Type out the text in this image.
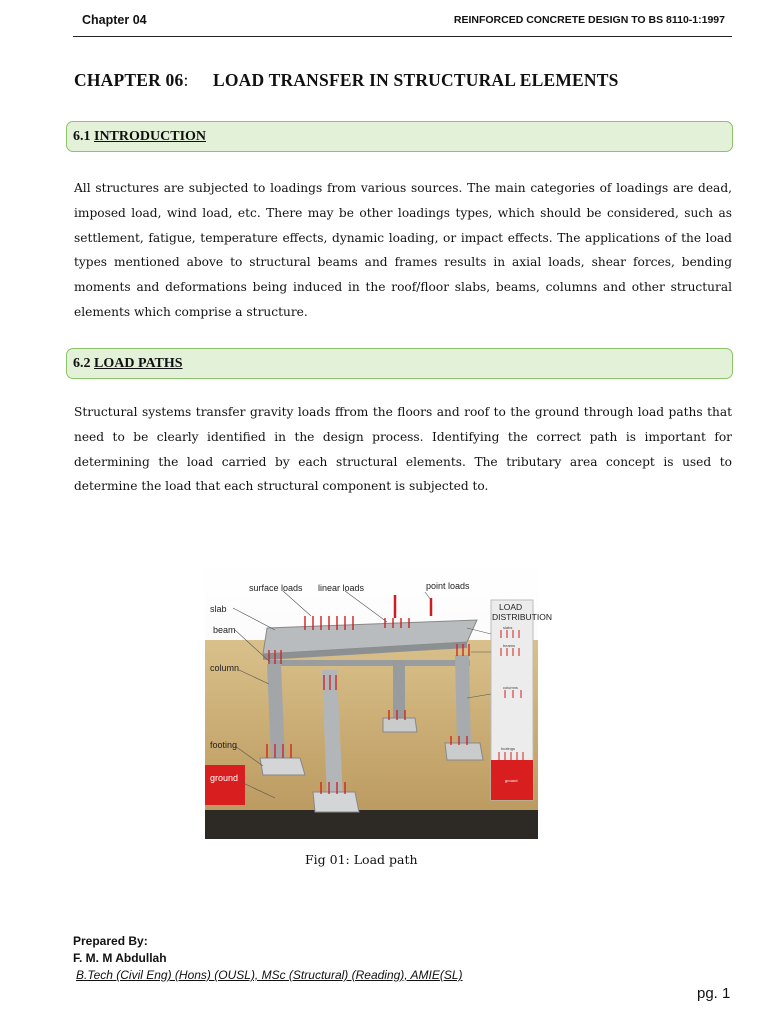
Chapter 04	REINFORCED CONCRETE DESIGN TO BS 8110-1:1997
CHAPTER 06: LOAD TRANSFER IN STRUCTURAL ELEMENTS
6.1 INTRODUCTION
All structures are subjected to loadings from various sources. The main categories of loadings are dead, imposed load, wind load, etc. There may be other loadings types, which should be considered, such as settlement, fatigue, temperature effects, dynamic loading, or impact effects. The applications of the load types mentioned above to structural beams and frames results in axial loads, shear forces, bending moments and deformations being induced in the roof/floor slabs, beams, columns and other structural elements which comprise a structure.
6.2 LOAD PATHS
Structural systems transfer gravity loads ffrom the floors and roof to the ground through load paths that need to be clearly identified in the design process. Identifying the correct path is important for determining the load carried by each structural elements. The tributary area concept is used to determine the load that each structural component is subjected to.
surface loads linear loads	point loads
slab
beam
column
footing
ground
LOAD
DISTRIBUTION
slabs
beams
columns
footings
ground
Fig 01: Load path
Prepared By:
F. M. M Abdullah
B.Tech (Civil Eng) (Hons) (OUSL), MSc (Structural) (Reading), AMIE(SL)
pg. 1
